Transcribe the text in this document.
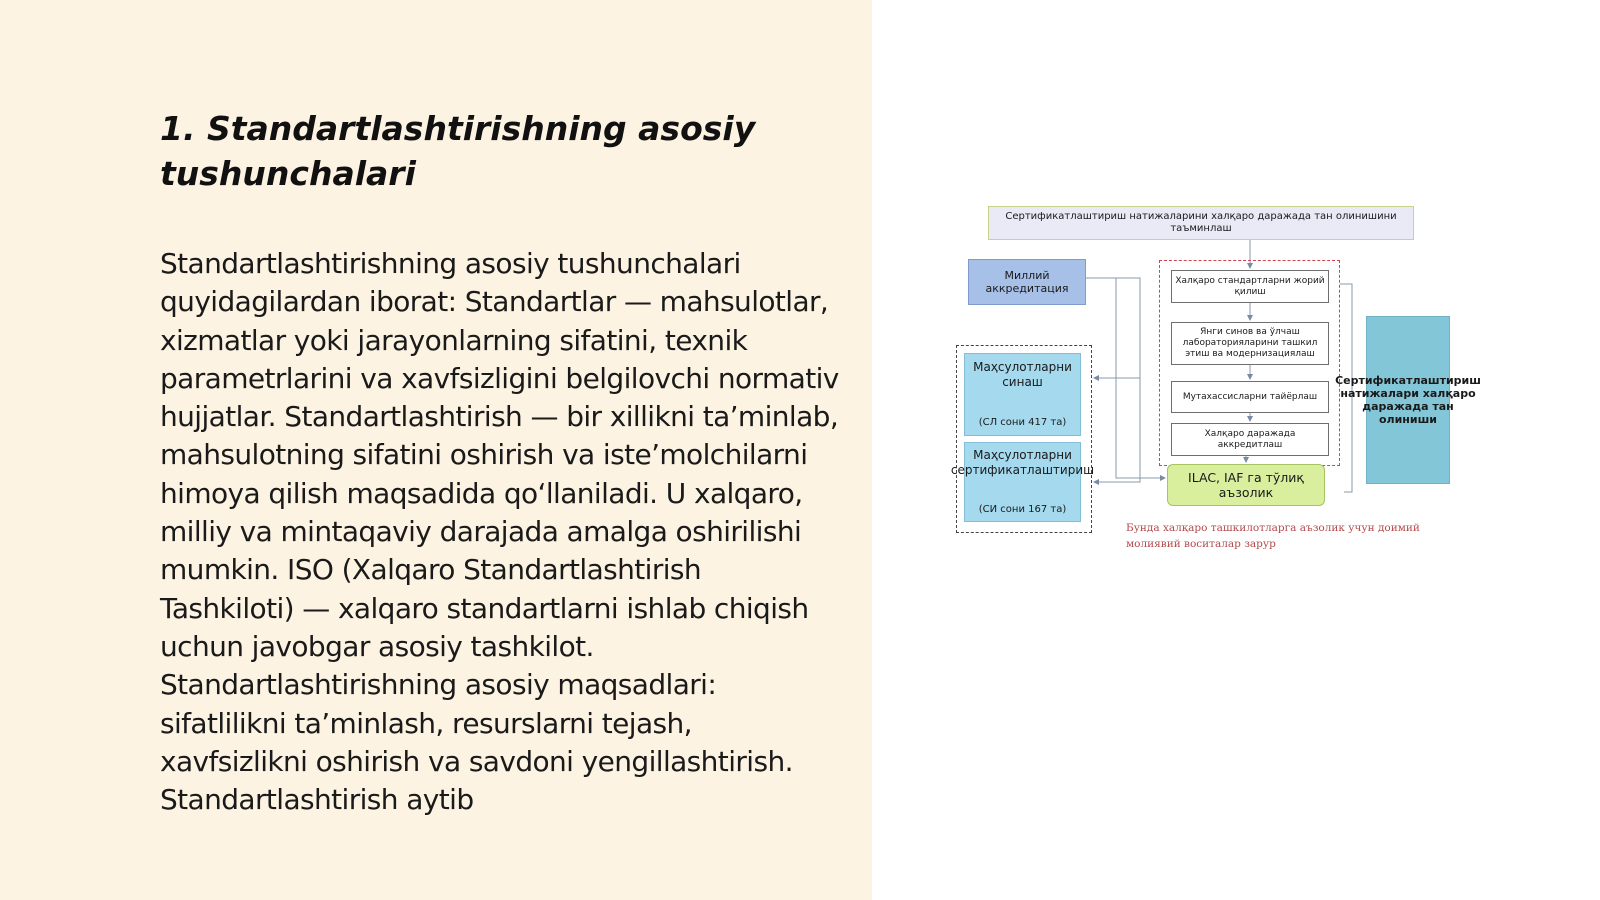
1. Standartlashtirishning asosiy tushunchalari

Standartlashtirishning asosiy tushunchalari quyidagilardan iborat: Standartlar — mahsulotlar, xizmatlar yoki jarayonlarning sifatini, texnik parametrlarini va xavfsizligini belgilovchi normativ hujjatlar. Standartlashtirish — bir xillikni ta’minlab, mahsulotning sifatini oshirish va iste’molchilarni himoya qilish maqsadida qo‘llaniladi. U xalqaro, milliy va mintaqaviy darajada amalga oshirilishi mumkin. ISO (Xalqaro Standartlashtirish Tashkiloti) — xalqaro standartlarni ishlab chiqish uchun javobgar asosiy tashkilot. Standartlashtirishning asosiy maqsadlari: sifatlilikni ta’minlash, resurslarni tejash, xavfsizlikni oshirish va savdoni yengillashtirish. Standartlashtirish aytib

Сертификатлаштириш натижаларини халқаро даражада тан олинишини таъминлаш
Миллий аккредитация
Халқаро стандартларни жорий қилиш
Янги синов ва ўлчаш лабораторияларини ташкил этиш ва модернизациялаш
Мутахассисларни тайёрлаш
Халқаро даражада аккредитлаш
Сертификатлаштириш натижалари халқаро даражада тан олиниши
ILAC, IAF га тўлиқ аъзолик
Маҳсулотларни синаш
(СЛ сони 417 та)
Маҳсулотларни сертификатлаштириш
(СИ сони 167 та)
Бунда халқаро ташкилотларга аъзолик учун доимий молиявий воситалар зарур
